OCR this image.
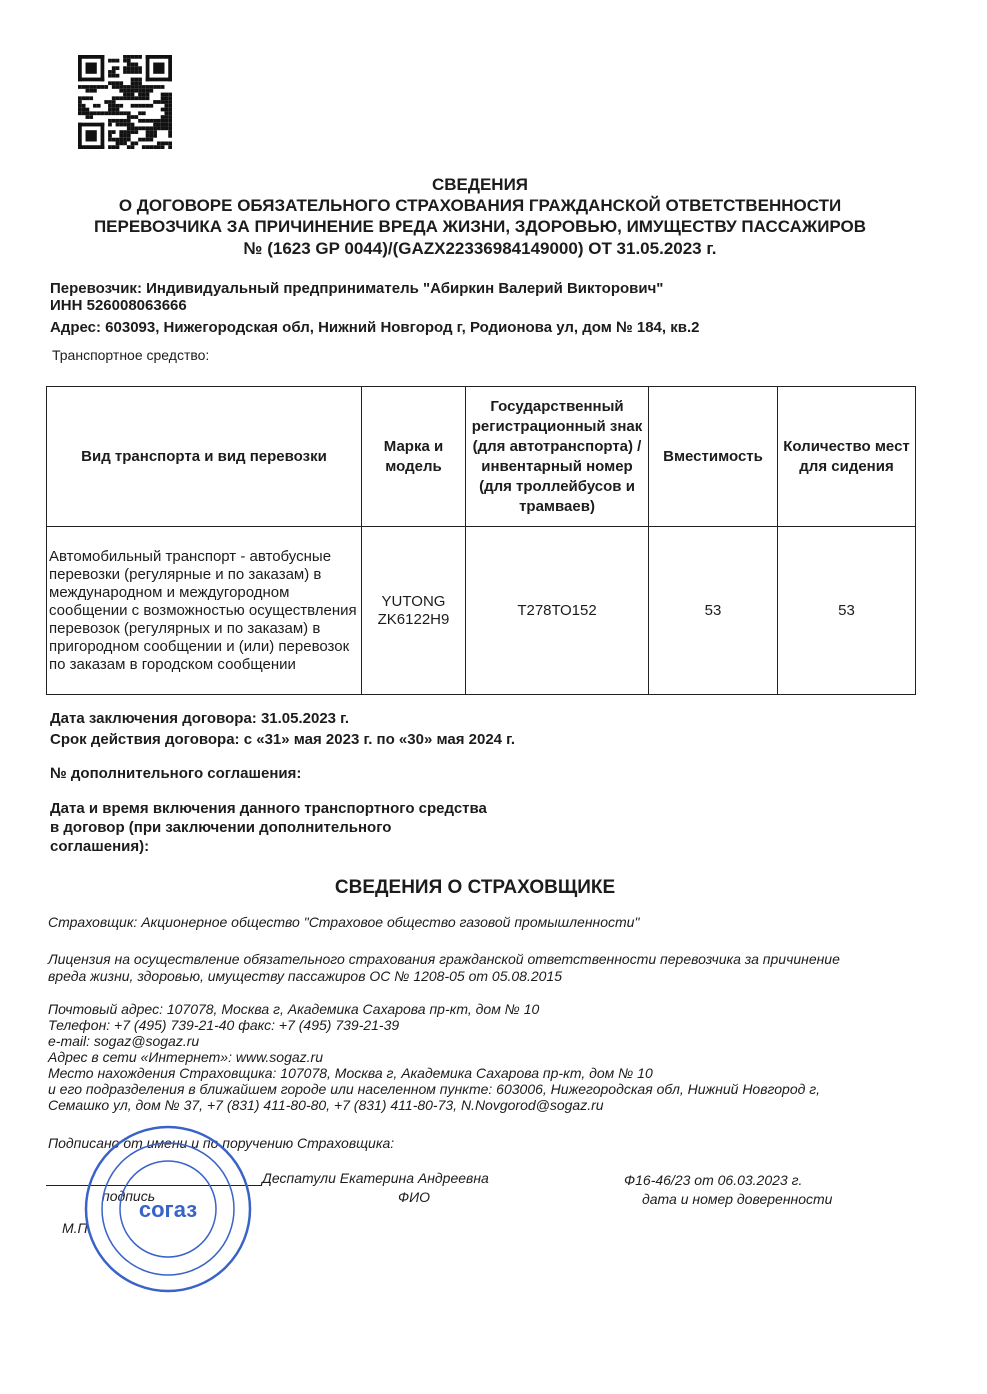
СВЕДЕНИЯ
О ДОГОВОРЕ ОБЯЗАТЕЛЬНОГО СТРАХОВАНИЯ ГРАЖДАНСКОЙ ОТВЕТСТВЕННОСТИ
ПЕРЕВОЗЧИКА ЗА ПРИЧИНЕНИЕ ВРЕДА ЖИЗНИ, ЗДОРОВЬЮ, ИМУЩЕСТВУ ПАССАЖИРОВ
№ (1623 GP 0044)/(GAZX22336984149000) ОТ 31.05.2023 г.
Перевозчик: Индивидуальный предприниматель "Абиркин Валерий Викторович"
ИНН 526008063666
Адрес: 603093, Нижегородская обл, Нижний Новгород г, Родионова ул, дом № 184, кв.2
Транспортное средство:
Вид транспорта и вид перевозки	Марка и модель	Государственный регистрационный знак (для автотранспорта) /инвентарный номер (для троллейбусов и трамваев)	Вместимость	Количество мест для сидения
Автомобильный транспорт - автобусные перевозки (регулярные и по заказам) в международном и междугородном сообщении с возможностью осуществления перевозок (регулярных и по заказам) в пригородном сообщении и (или) перевозок по заказам в городском сообщении	YUTONG ZK6122H9	Т278ТО152	53	53
Дата заключения договора: 31.05.2023 г.
Срок действия договора: с «31» мая 2023 г. по «30» мая 2024 г.
№ дополнительного соглашения:
Дата и время включения данного транспортного средства
в договор (при заключении дополнительного
соглашения):
СВЕДЕНИЯ О СТРАХОВЩИКЕ
Страховщик: Акционерное общество "Страховое общество газовой промышленности"
Лицензия на осуществление обязательного страхования гражданской ответственности перевозчика за причинение
вреда жизни, здоровью, имуществу пассажиров ОС № 1208-05 от 05.08.2015
Почтовый адрес: 107078, Москва г, Академика Сахарова пр-кт, дом № 10
Телефон: +7 (495) 739-21-40 факс: +7 (495) 739-21-39
e-mail: sogaz@sogaz.ru
Адрес в сети «Интернет»: www.sogaz.ru
Место нахождения Страховщика: 107078, Москва г, Академика Сахарова пр-кт, дом № 10
и его подразделения в ближайшем городе или населенном пункте: 603006, Нижегородская обл, Нижний Новгород г,
Семашко ул, дом № 37, +7 (831) 411-80-80, +7 (831) 411-80-73, N.Novgorod@sogaz.ru
Подписано от имени и по поручению Страховщика:
Деспатули Екатерина Андреевна
ФИО
подпись
М.П.
Ф16-46/23 от 06.03.2023 г.
дата и номер доверенности
согаз
